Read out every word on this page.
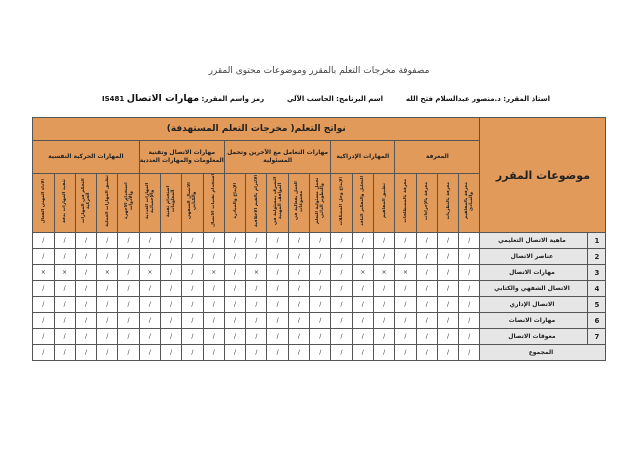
مصفوفة مخرجات التعلم بالمقرر وموضوعات محتوى المقرر
استاذ المقرر: د.منصور عبدالسلام فتح الله
اسم البرنامج: الحاسب الآلي
رمز واسم المقرر: مهارات الاتصال IS481
موضوعات المقرر		نواتج التعلم( مخرجات التعلم المستهدفة)																				
		المعرفة				المهارات الإدراكية			مهارات التعامل مع الآخرين وتحمل المسئولية					مهارات الاتصال وتقنية المعلومات والمهارات العددية				المهارات الحركية النفسية				
		معرفة بالمفاهيم والمبادئ	معرفة بالنظريات	معرفة بالإجراءات	معرفة بالمصطلحات	تطبيق المفاهيم	التحليل والتفكير الناقد	الإبداع وحل المشكلات	تحمل مسئولية التعلم والتطوير الذاتي	العمل بفعالية في مجموعات	التصرف بمسئولية في المواقف المهنية	الالتزام بالقيم الأخلاقية	الإبداع والمبادرة	استخدام تقنيات الاتصال	الاتصال الشفهي والكتابي	استخدام تقنية المعلومات	المهارات العددية والإحصائية	استخدام الأجهزة والأدوات	تطبيق المهارات العملية	التحكم في المهارات الحركية	تنفيذ المهارات بدقة	الأداء المهني الفعال
1	ماهية الاتصال التعليمي	/	/	/	/	/	/	/	/	/	/	/	/	/	/	/	/	/	/	/	/	/
2	عناصر الاتصال	/	/	/	/	/	/	/	/	/	/	/	/	/	/	/	/	/	/	/	/	/
3	مهارات الاتصال	/	/	/	×	×	×	/	/	/	/	×	/	×	/	/	×	/	×	/	×	×
4	الاتصال الشفهي والكتابي	/	/	/	/	/	/	/	/	/	/	/	/	/	/	/	/	/	/	/	/	/
5	الاتصال الإداري	/	/	/	/	/	/	/	/	/	/	/	/	/	/	/	/	/	/	/	/	/
6	مهارات الانصات	/	/	/	/	/	/	/	/	/	/	/	/	/	/	/	/	/	/	/	/	/
7	معوقات الاتصال	/	/	/	/	/	/	/	/	/	/	/	/	/	/	/	/	/	/	/	/	/
المجموع		/	/	/	/	/	/	/	/	/	/	/	/	/	/	/	/	/	/	/	/	/
